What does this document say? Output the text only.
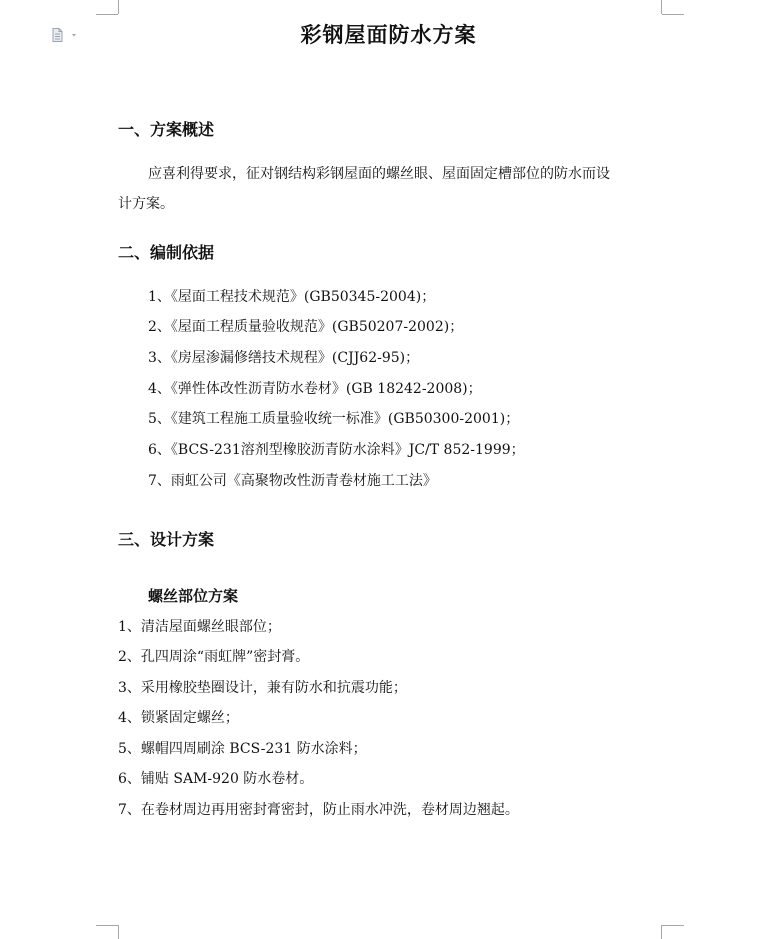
彩钢屋面防水方案
一、方案概述
应喜利得要求，征对钢结构彩钢屋面的螺丝眼、屋面固定槽部位的防水而设
计方案。
二、编制依据
1、《屋面工程技术规范》(GB50345-2004)；
2、《屋面工程质量验收规范》(GB50207-2002)；
3、《房屋渗漏修缮技术规程》(CJJ62-95)；
4、《弹性体改性沥青防水卷材》(GB 18242-2008)；
5、《建筑工程施工质量验收统一标准》(GB50300-2001)；
6、《BCS-231溶剂型橡胶沥青防水涂料》JC/T 852-1999；
7、雨虹公司《高聚物改性沥青卷材施工工法》
三、设计方案
螺丝部位方案
1、清洁屋面螺丝眼部位；
2、孔四周涂“雨虹牌”密封膏。
3、采用橡胶垫圈设计，兼有防水和抗震功能；
4、锁紧固定螺丝；
5、螺帽四周刷涂 BCS-231 防水涂料；
6、铺贴 SAM-920 防水卷材。
7、在卷材周边再用密封膏密封，防止雨水冲洗，卷材周边翘起。
